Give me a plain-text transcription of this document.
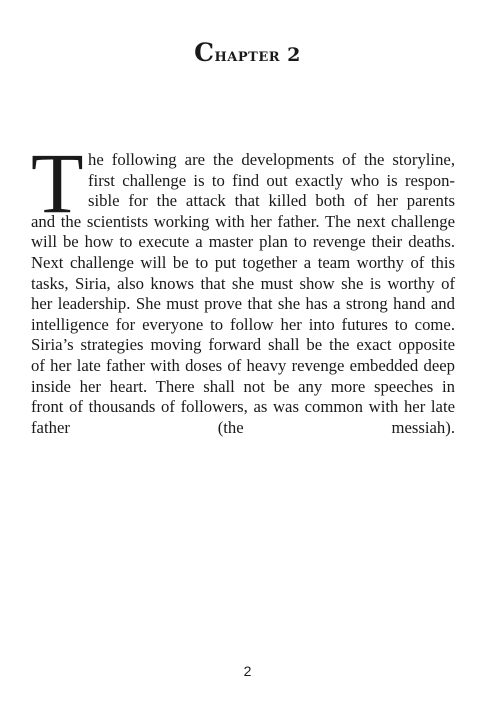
Chapter 2
T he following are the developments of the storyline,
first challenge is to find out exactly who is respon-
sible for the attack that killed both of her parents
and the scientists working with her father. The next challenge
will be how to execute a master plan to revenge their deaths.
Next challenge will be to put together a team worthy of this
tasks, Siria, also knows that she must show she is worthy of
her leadership. She must prove that she has a strong hand and
intelligence for everyone to follow her into futures to come.
Siria’s strategies moving forward shall be the exact opposite
of her late father with doses of heavy revenge embedded deep
inside her heart. There shall not be any more speeches in
front of thousands of followers, as was common with her late
father (the messiah).
2
